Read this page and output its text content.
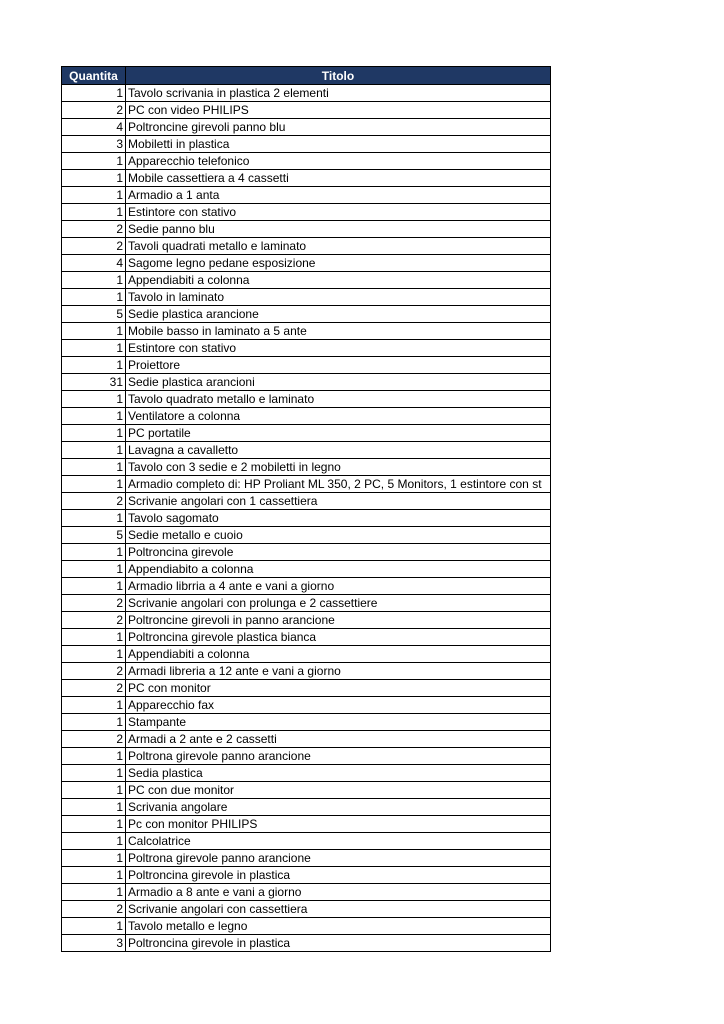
Quantita	Titolo
1	Tavolo scrivania in plastica 2 elementi
2	PC con video PHILIPS
4	Poltroncine girevoli panno blu
3	Mobiletti in plastica
1	Apparecchio telefonico
1	Mobile cassettiera a 4 cassetti
1	Armadio a 1 anta
1	Estintore con stativo
2	Sedie panno blu
2	Tavoli quadrati metallo e laminato
4	Sagome legno pedane esposizione
1	Appendiabiti a colonna
1	Tavolo in laminato
5	Sedie plastica arancione
1	Mobile basso in laminato a 5 ante
1	Estintore con stativo
1	Proiettore
31	Sedie plastica arancioni
1	Tavolo quadrato metallo e laminato
1	Ventilatore a colonna
1	PC portatile
1	Lavagna a cavalletto
1	Tavolo con 3 sedie e 2 mobiletti in legno
1	Armadio completo di: HP Proliant ML 350, 2 PC, 5 Monitors, 1 estintore con st
2	Scrivanie angolari con 1 cassettiera
1	Tavolo sagomato
5	Sedie metallo e cuoio
1	Poltroncina girevole
1	Appendiabito a colonna
1	Armadio librria a 4 ante e vani a giorno
2	Scrivanie angolari con prolunga e 2 cassettiere
2	Poltroncine girevoli in panno arancione
1	Poltroncina girevole plastica bianca
1	Appendiabiti a colonna
2	Armadi libreria a 12 ante e vani a giorno
2	PC con monitor
1	Apparecchio fax
1	Stampante
2	Armadi a 2 ante e 2 cassetti
1	Poltrona girevole panno arancione
1	Sedia plastica
1	PC con due monitor
1	Scrivania angolare
1	Pc con monitor PHILIPS
1	Calcolatrice
1	Poltrona girevole panno arancione
1	Poltroncina girevole in plastica
1	Armadio a 8 ante e vani a giorno
2	Scrivanie angolari con cassettiera
1	Tavolo metallo e legno
3	Poltroncina girevole in plastica
